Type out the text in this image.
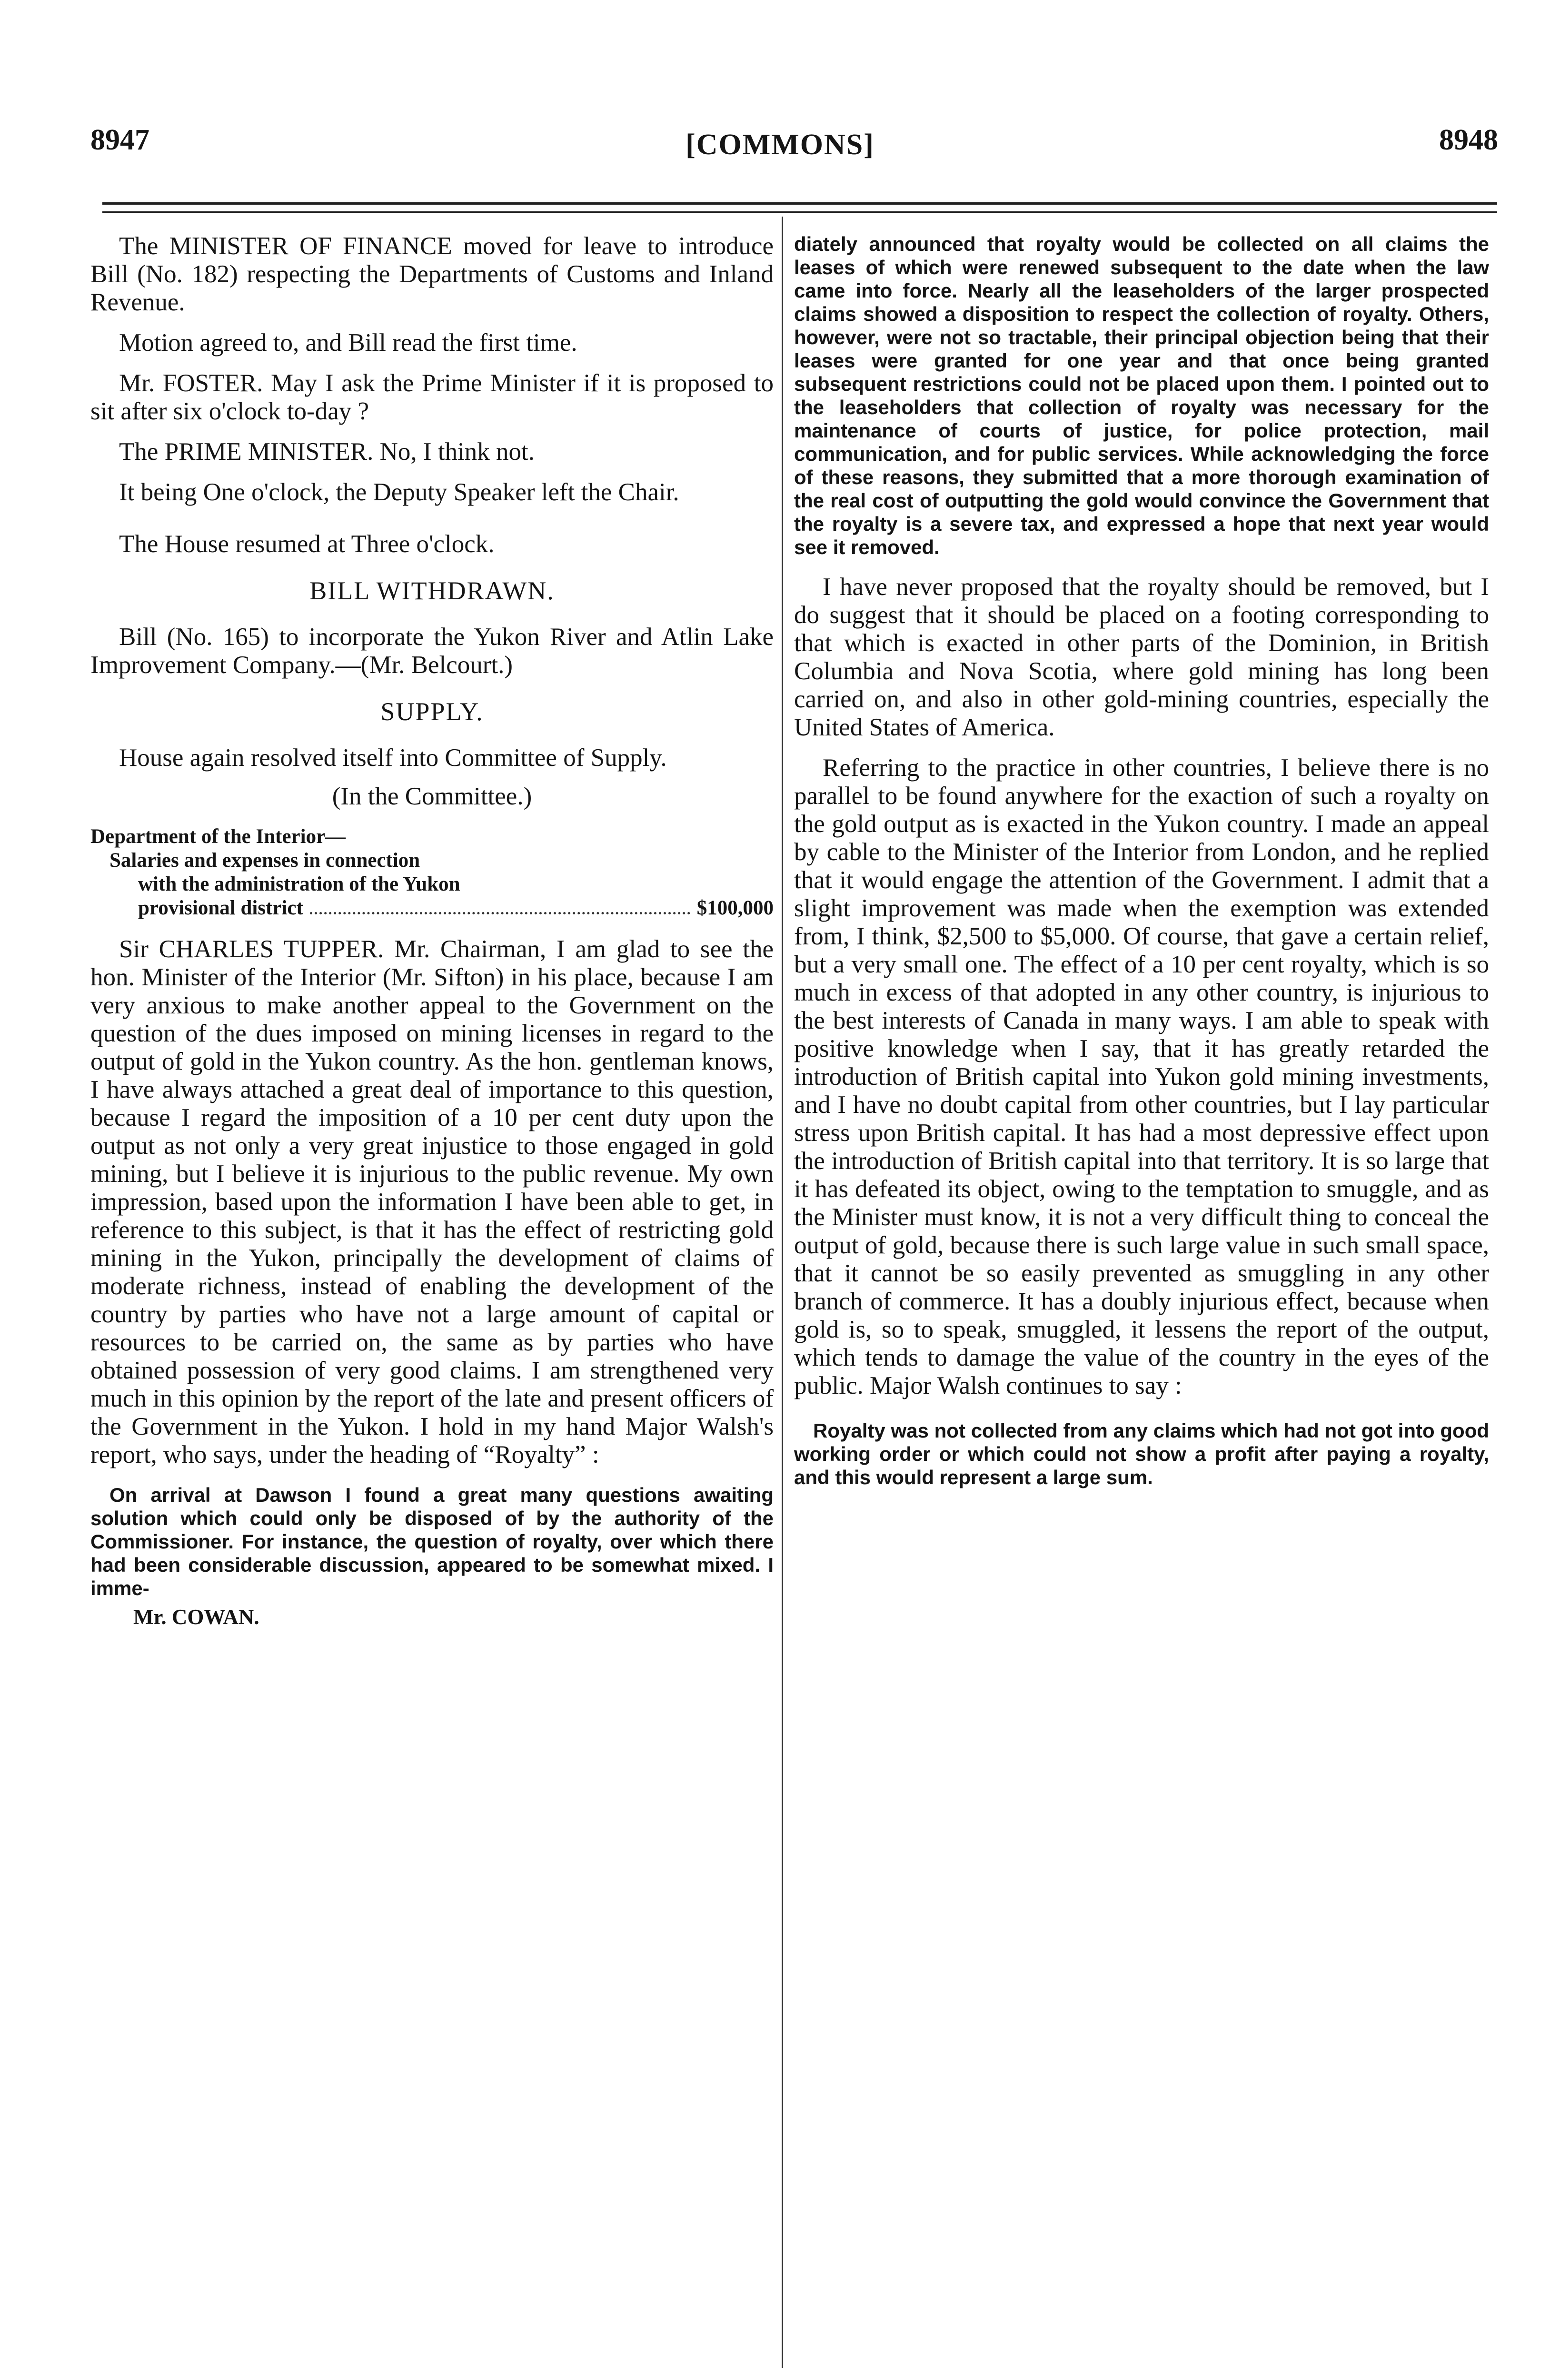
8947	[COMMONS]	8948

The MINISTER OF FINANCE moved for leave to introduce Bill (No. 182) respecting the Departments of Customs and Inland Revenue.

Motion agreed to, and Bill read the first time.

Mr. FOSTER. May I ask the Prime Minister if it is proposed to sit after six o'clock to-day ?

The PRIME MINISTER. No, I think not.

It being One o'clock, the Deputy Speaker left the Chair.

The House resumed at Three o'clock.

BILL WITHDRAWN.

Bill (No. 165) to incorporate the Yukon River and Atlin Lake Improvement Company.—(Mr. Belcourt.)

SUPPLY.

House again resolved itself into Committee of Supply.

(In the Committee.)

Department of the Interior—
Salaries and expenses in connection
with the administration of the Yukon
provisional district	$100,000

Sir CHARLES TUPPER. Mr. Chairman, I am glad to see the hon. Minister of the Interior (Mr. Sifton) in his place, because I am very anxious to make another appeal to the Government on the question of the dues imposed on mining licenses in regard to the output of gold in the Yukon country. As the hon. gentleman knows, I have always attached a great deal of importance to this question, because I regard the imposition of a 10 per cent duty upon the output as not only a very great injustice to those engaged in gold mining, but I believe it is injurious to the public revenue. My own impression, based upon the information I have been able to get, in reference to this subject, is that it has the effect of restricting gold mining in the Yukon, principally the development of claims of moderate richness, instead of enabling the development of the country by parties who have not a large amount of capital or resources to be carried on, the same as by parties who have obtained possession of very good claims. I am strengthened very much in this opinion by the report of the late and present officers of the Government in the Yukon. I hold in my hand Major Walsh's report, who says, under the heading of “Royalty” :

On arrival at Dawson I found a great many questions awaiting solution which could only be disposed of by the authority of the Commissioner. For instance, the question of royalty, over which there had been considerable discussion, appeared to be somewhat mixed. I imme-

Mr. COWAN.

diately announced that royalty would be collected on all claims the leases of which were renewed subsequent to the date when the law came into force. Nearly all the leaseholders of the larger prospected claims showed a disposition to respect the collection of royalty. Others, however, were not so tractable, their principal objection being that their leases were granted for one year and that once being granted subsequent restrictions could not be placed upon them. I pointed out to the leaseholders that collection of royalty was necessary for the maintenance of courts of justice, for police protection, mail communication, and for public services. While acknowledging the force of these reasons, they submitted that a more thorough examination of the real cost of outputting the gold would convince the Government that the royalty is a severe tax, and expressed a hope that next year would see it removed.

I have never proposed that the royalty should be removed, but I do suggest that it should be placed on a footing corresponding to that which is exacted in other parts of the Dominion, in British Columbia and Nova Scotia, where gold mining has long been carried on, and also in other gold-mining countries, especially the United States of America.

Referring to the practice in other countries, I believe there is no parallel to be found anywhere for the exaction of such a royalty on the gold output as is exacted in the Yukon country. I made an appeal by cable to the Minister of the Interior from London, and he replied that it would engage the attention of the Government. I admit that a slight improvement was made when the exemption was extended from, I think, $2,500 to $5,000. Of course, that gave a certain relief, but a very small one. The effect of a 10 per cent royalty, which is so much in excess of that adopted in any other country, is injurious to the best interests of Canada in many ways. I am able to speak with positive knowledge when I say, that it has greatly retarded the introduction of British capital into Yukon gold mining investments, and I have no doubt capital from other countries, but I lay particular stress upon British capital. It has had a most depressive effect upon the introduction of British capital into that territory. It is so large that it has defeated its object, owing to the temptation to smuggle, and as the Minister must know, it is not a very difficult thing to conceal the output of gold, because there is such large value in such small space, that it cannot be so easily prevented as smuggling in any other branch of commerce. It has a doubly injurious effect, because when gold is, so to speak, smuggled, it lessens the report of the output, which tends to damage the value of the country in the eyes of the public. Major Walsh continues to say :

Royalty was not collected from any claims which had not got into good working order or which could not show a profit after paying a royalty, and this would represent a large sum.
